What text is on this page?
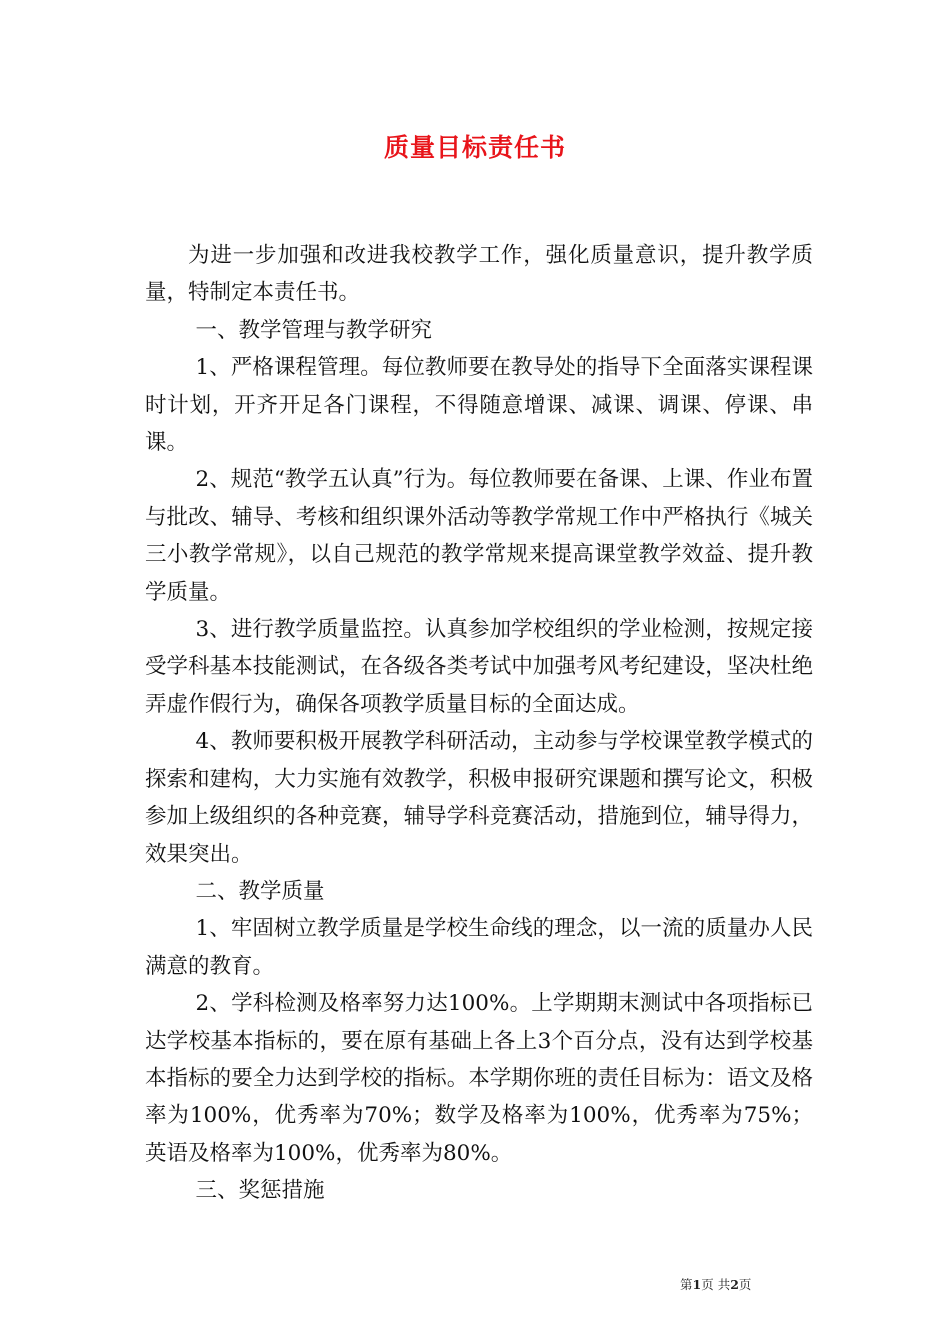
质量目标责任书

为进一步加强和改进我校教学工作，强化质量意识，提升教学质量，特制定本责任书。

一、教学管理与教学研究

1、严格课程管理。每位教师要在教导处的指导下全面落实课程课时计划，开齐开足各门课程，不得随意增课、减课、调课、停课、串课。

2、规范“教学五认真”行为。每位教师要在备课、上课、作业布置与批改、辅导、考核和组织课外活动等教学常规工作中严格执行《城关三小教学常规》，以自己规范的教学常规来提高课堂教学效益、提升教学质量。

3、进行教学质量监控。认真参加学校组织的学业检测，按规定接受学科基本技能测试，在各级各类考试中加强考风考纪建设，坚决杜绝弄虚作假行为，确保各项教学质量目标的全面达成。

4、教师要积极开展教学科研活动，主动参与学校课堂教学模式的探索和建构，大力实施有效教学，积极申报研究课题和撰写论文，积极参加上级组织的各种竞赛，辅导学科竞赛活动，措施到位，辅导得力，效果突出。

二、教学质量

1、牢固树立教学质量是学校生命线的理念，以一流的质量办人民满意的教育。

2、学科检测及格率努力达100%。上学期期末测试中各项指标已达学校基本指标的，要在原有基础上各上3个百分点，没有达到学校基本指标的要全力达到学校的指标。本学期你班的责任目标为：语文及格率为100%，优秀率为70%；数学及格率为100%，优秀率为75%；英语及格率为100%，优秀率为80%。

三、奖惩措施

第1页 共2页
